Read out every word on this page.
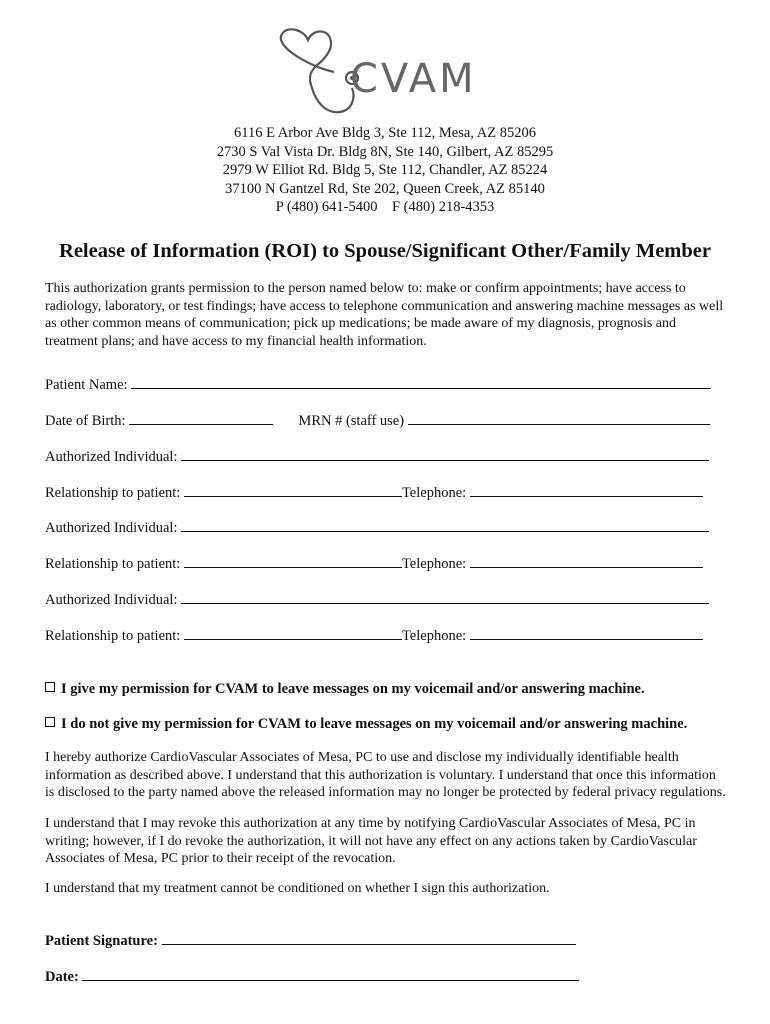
CVAM
6116 E Arbor Ave Bldg 3, Ste 112, Mesa, AZ 85206
2730 S Val Vista Dr. Bldg 8N, Ste 140, Gilbert, AZ 85295
2979 W Elliot Rd. Bldg 5, Ste 112, Chandler, AZ 85224
37100 N Gantzel Rd, Ste 202, Queen Creek, AZ 85140
P (480) 641-5400    F (480) 218-4353
Release of Information (ROI) to Spouse/Significant Other/Family Member
This authorization grants permission to the person named below to: make or confirm appointments; have access to
radiology, laboratory, or test findings; have access to telephone communication and answering machine messages as well
as other common means of communication; pick up medications; be made aware of my diagnosis, prognosis and
treatment plans; and have access to my financial health information.
Patient Name:
Date of Birth:	MRN # (staff use)
Authorized Individual:
Relationship to patient:	Telephone:
Authorized Individual:
Relationship to patient:	Telephone:
Authorized Individual:
Relationship to patient:	Telephone:
I give my permission for CVAM to leave messages on my voicemail and/or answering machine.
I do not give my permission for CVAM to leave messages on my voicemail and/or answering machine.
I hereby authorize CardioVascular Associates of Mesa, PC to use and disclose my individually identifiable health
information as described above. I understand that this authorization is voluntary. I understand that once this information
is disclosed to the party named above the released information may no longer be protected by federal privacy regulations.
I understand that I may revoke this authorization at any time by notifying CardioVascular Associates of Mesa, PC in
writing; however, if I do revoke the authorization, it will not have any effect on any actions taken by CardioVascular
Associates of Mesa, PC prior to their receipt of the revocation.
I understand that my treatment cannot be conditioned on whether I sign this authorization.
Patient Signature:
Date:
